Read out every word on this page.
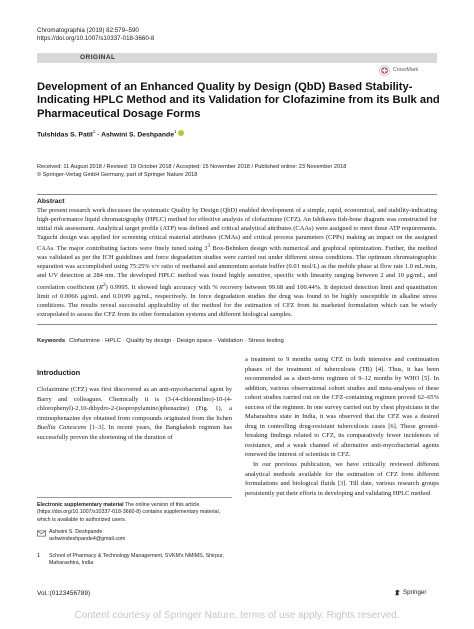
Chromatographia (2019) 82:579–590
https://doi.org/10.1007/s10337-018-3660-8
ORIGINAL
CrossMark
Development of an Enhanced Quality by Design (QbD) Based Stability-Indicating HPLC Method and its Validation for Clofazimine from its Bulk and Pharmaceutical Dosage Forms
Tulshidas S. Patil$^1$ · Ashwini S. Deshpande$^1$
Received: 11 August 2018 / Revised: 19 October 2018 / Accepted: 15 November 2018 / Published online: 23 November 2018
© Springer-Verlag GmbH Germany, part of Springer Nature 2018
Abstract
The present research work discusses the systematic Quality by Design (QbD) enabled development of a simple, rapid, economical, and stability-indicating high-performance liquid chromatography (HPLC) method for effective analysis of clofazimine (CFZ). An Ishikawa fish-bone diagram was constructed for initial risk assessment. Analytical target profile (ATP) was defined and critical analytical attributes (CAAs) were assigned to meet these ATP requirements. Taguchi design was applied for screening critical material attributes (CMAs) and critical process parameters (CPPs) making an impact on the assigned CAAs. The major contributing factors were finely tuned using $3^3$ Box-Behnken design with numerical and graphical optimization. Further, the method was validated as per the ICH guidelines and force degradation studies were carried out under different stress conditions. The optimum chromatographic separation was accomplished using 75:25% v/v ratio of methanol and ammonium acetate buffer (0.01 mol/L) as the mobile phase at flow rate 1.0 mL/min, and UV detection at 284 nm. The developed HPLC method was found highly sensitive, specific with linearity ranging between 2 and 10 μg/mL, and correlation coefficient $(R^2)$ 0.9995. It showed high accuracy with % recovery between 99.68 and 100.44%. It depicted detection limit and quantitation limit of 0.0066 μg/mL and 0.0199 μg/mL, respectively. In force degradation studies the drug was found to be highly susceptible in alkaline stress conditions. The results reveal successful applicability of the method for the estimation of CFZ from its marketed formulation which can be wisely extrapolated to assess the CFZ from its other formulation systems and different biological samples.
Keywords Clofazimine · HPLC · Quality by design · Design space · Validation · Stress testing
Introduction
Clofazimine (CFZ) was first discovered as an anti-mycobacterial agent by Barry and colleagues. Chemically it is (3-(4-chloranilino)-10-(4-chlorophenyl)-2,10-dihydro-2-(isopropylamino)phenazine) (Fig. 1), a riminophenazine dye obtained from compounds originated from the lichen Buellia Canescens [1–3]. In recent years, the Bangladesh regimen has successfully proven the shortening of the duration of
Electronic supplementary material The online version of this article (https://doi.org/10.1007/s10337-018-3660-8) contains supplementary material, which is available to authorized users.
Ashwini S. Deshpande
ashwinideshpande4@gmail.com
1	School of Pharmacy & Technology Management, SVKM's NMIMS, Shirpur, Maharashtra, India
a treatment to 9 months using CFZ in both intensive and continuation phases of the treatment of tuberculosis (TB) [4]. Thus, it has been recommended as a short-term regimen of 9–12 months by WHO [5]. In addition, various observational cohort studies and meta-analyses of these cohort studies carried out on the CFZ-containing regimen proved 62–65% success of the regimen. In one survey carried out by chest physicians in the Maharashtra state in India, it was observed that the CFZ was a desired drug in controlling drug-resistant tuberculosis cases [6]. These ground-breaking findings related to CFZ, its comparatively fewer incidences of resistance, and a weak channel of alternative anti-mycobacterial agents renewed the interest of scientists in CFZ.
In our previous publication, we have critically reviewed different analytical methods available for the estimation of CFZ from different formulations and biological fluids [3]. Till date, various research groups persistently put their efforts in developing and validating HPLC method
Vol.:(0123456789)	Springer
Content courtesy of Springer Nature, terms of use apply. Rights reserved.
